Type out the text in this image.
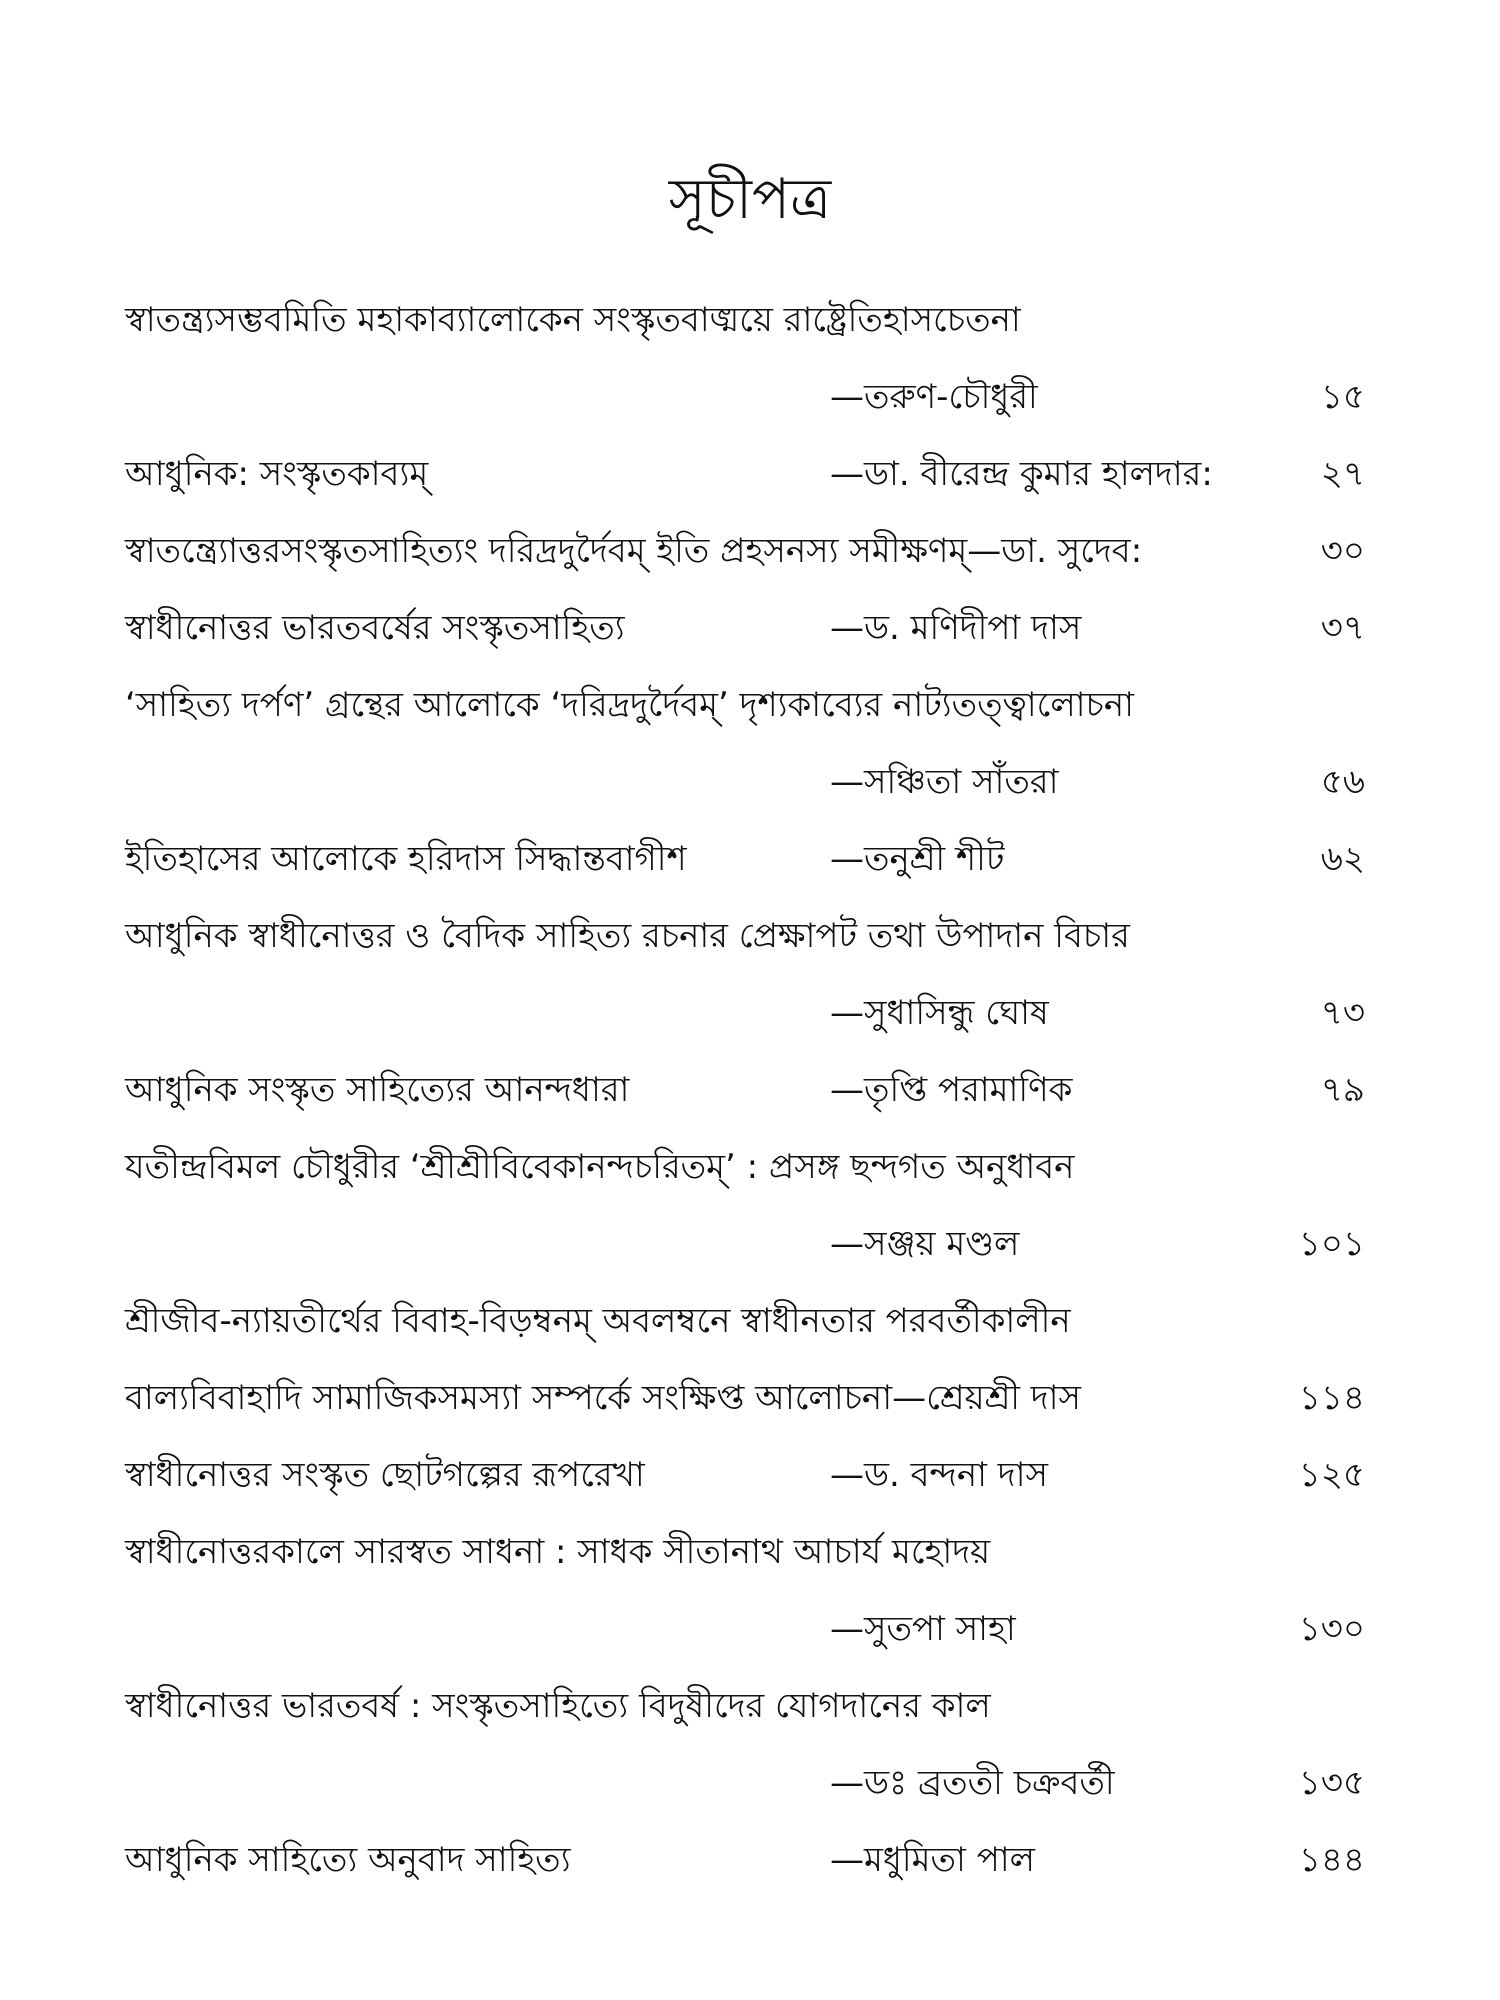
সূচীপত্র
স্বাতন্ত্র্যসম্ভবমিতি মহাকাব্যালোকেন সংস্কৃতবাঙ্ময়ে রাষ্ট্রেতিহাসচেতনা
—তরুণ-চৌধুরী	১৫
আধুনিক: সংস্কৃতকাব্যম্	—ডা. বীরেন্দ্র কুমার হালদার:	২৭
স্বাতন্ত্র্যোত্তরসংস্কৃতসাহিত্যং দরিদ্রদুর্দৈবম্ ইতি প্রহসনস্য সমীক্ষণম্—ডা. সুদেব:	৩০
স্বাধীনোত্তর ভারতবর্ষের সংস্কৃতসাহিত্য	—ড. মণিদীপা দাস	৩৭
‘সাহিত্য দর্পণ’ গ্রন্থের আলোকে ‘দরিদ্রদুর্দৈবম্’ দৃশ্যকাব্যের নাট্যতত্ত্বালোচনা
—সঞ্চিতা সাঁতরা	৫৬
ইতিহাসের আলোকে হরিদাস সিদ্ধান্তবাগীশ	—তনুশ্রী শীট	৬২
আধুনিক স্বাধীনোত্তর ও বৈদিক সাহিত্য রচনার প্রেক্ষাপট তথা উপাদান বিচার
—সুধাসিন্ধু ঘোষ	৭৩
আধুনিক সংস্কৃত সাহিত্যের আনন্দধারা	—তৃপ্তি পরামাণিক	৭৯
যতীন্দ্রবিমল চৌধুরীর ‘শ্রীশ্রীবিবেকানন্দচরিতম্’ : প্রসঙ্গ ছন্দগত অনুধাবন
—সঞ্জয় মণ্ডল	১০১
শ্রীজীব-ন্যায়তীর্থের বিবাহ-বিড়ম্বনম্ অবলম্বনে স্বাধীনতার পরবর্তীকালীন
বাল্যবিবাহাদি সামাজিকসমস্যা সম্পর্কে সংক্ষিপ্ত আলোচনা—শ্রেয়শ্রী দাস	১১৪
স্বাধীনোত্তর সংস্কৃত ছোটগল্পের রূপরেখা	—ড. বন্দনা দাস	১২৫
স্বাধীনোত্তরকালে সারস্বত সাধনা : সাধক সীতানাথ আচার্য মহোদয়
—সুতপা সাহা	১৩০
স্বাধীনোত্তর ভারতবর্ষ : সংস্কৃতসাহিত্যে বিদুষীদের যোগদানের কাল
—ডঃ ব্রততী চক্রবর্তী	১৩৫
আধুনিক সাহিত্যে অনুবাদ সাহিত্য	—মধুমিতা পাল	১৪৪
